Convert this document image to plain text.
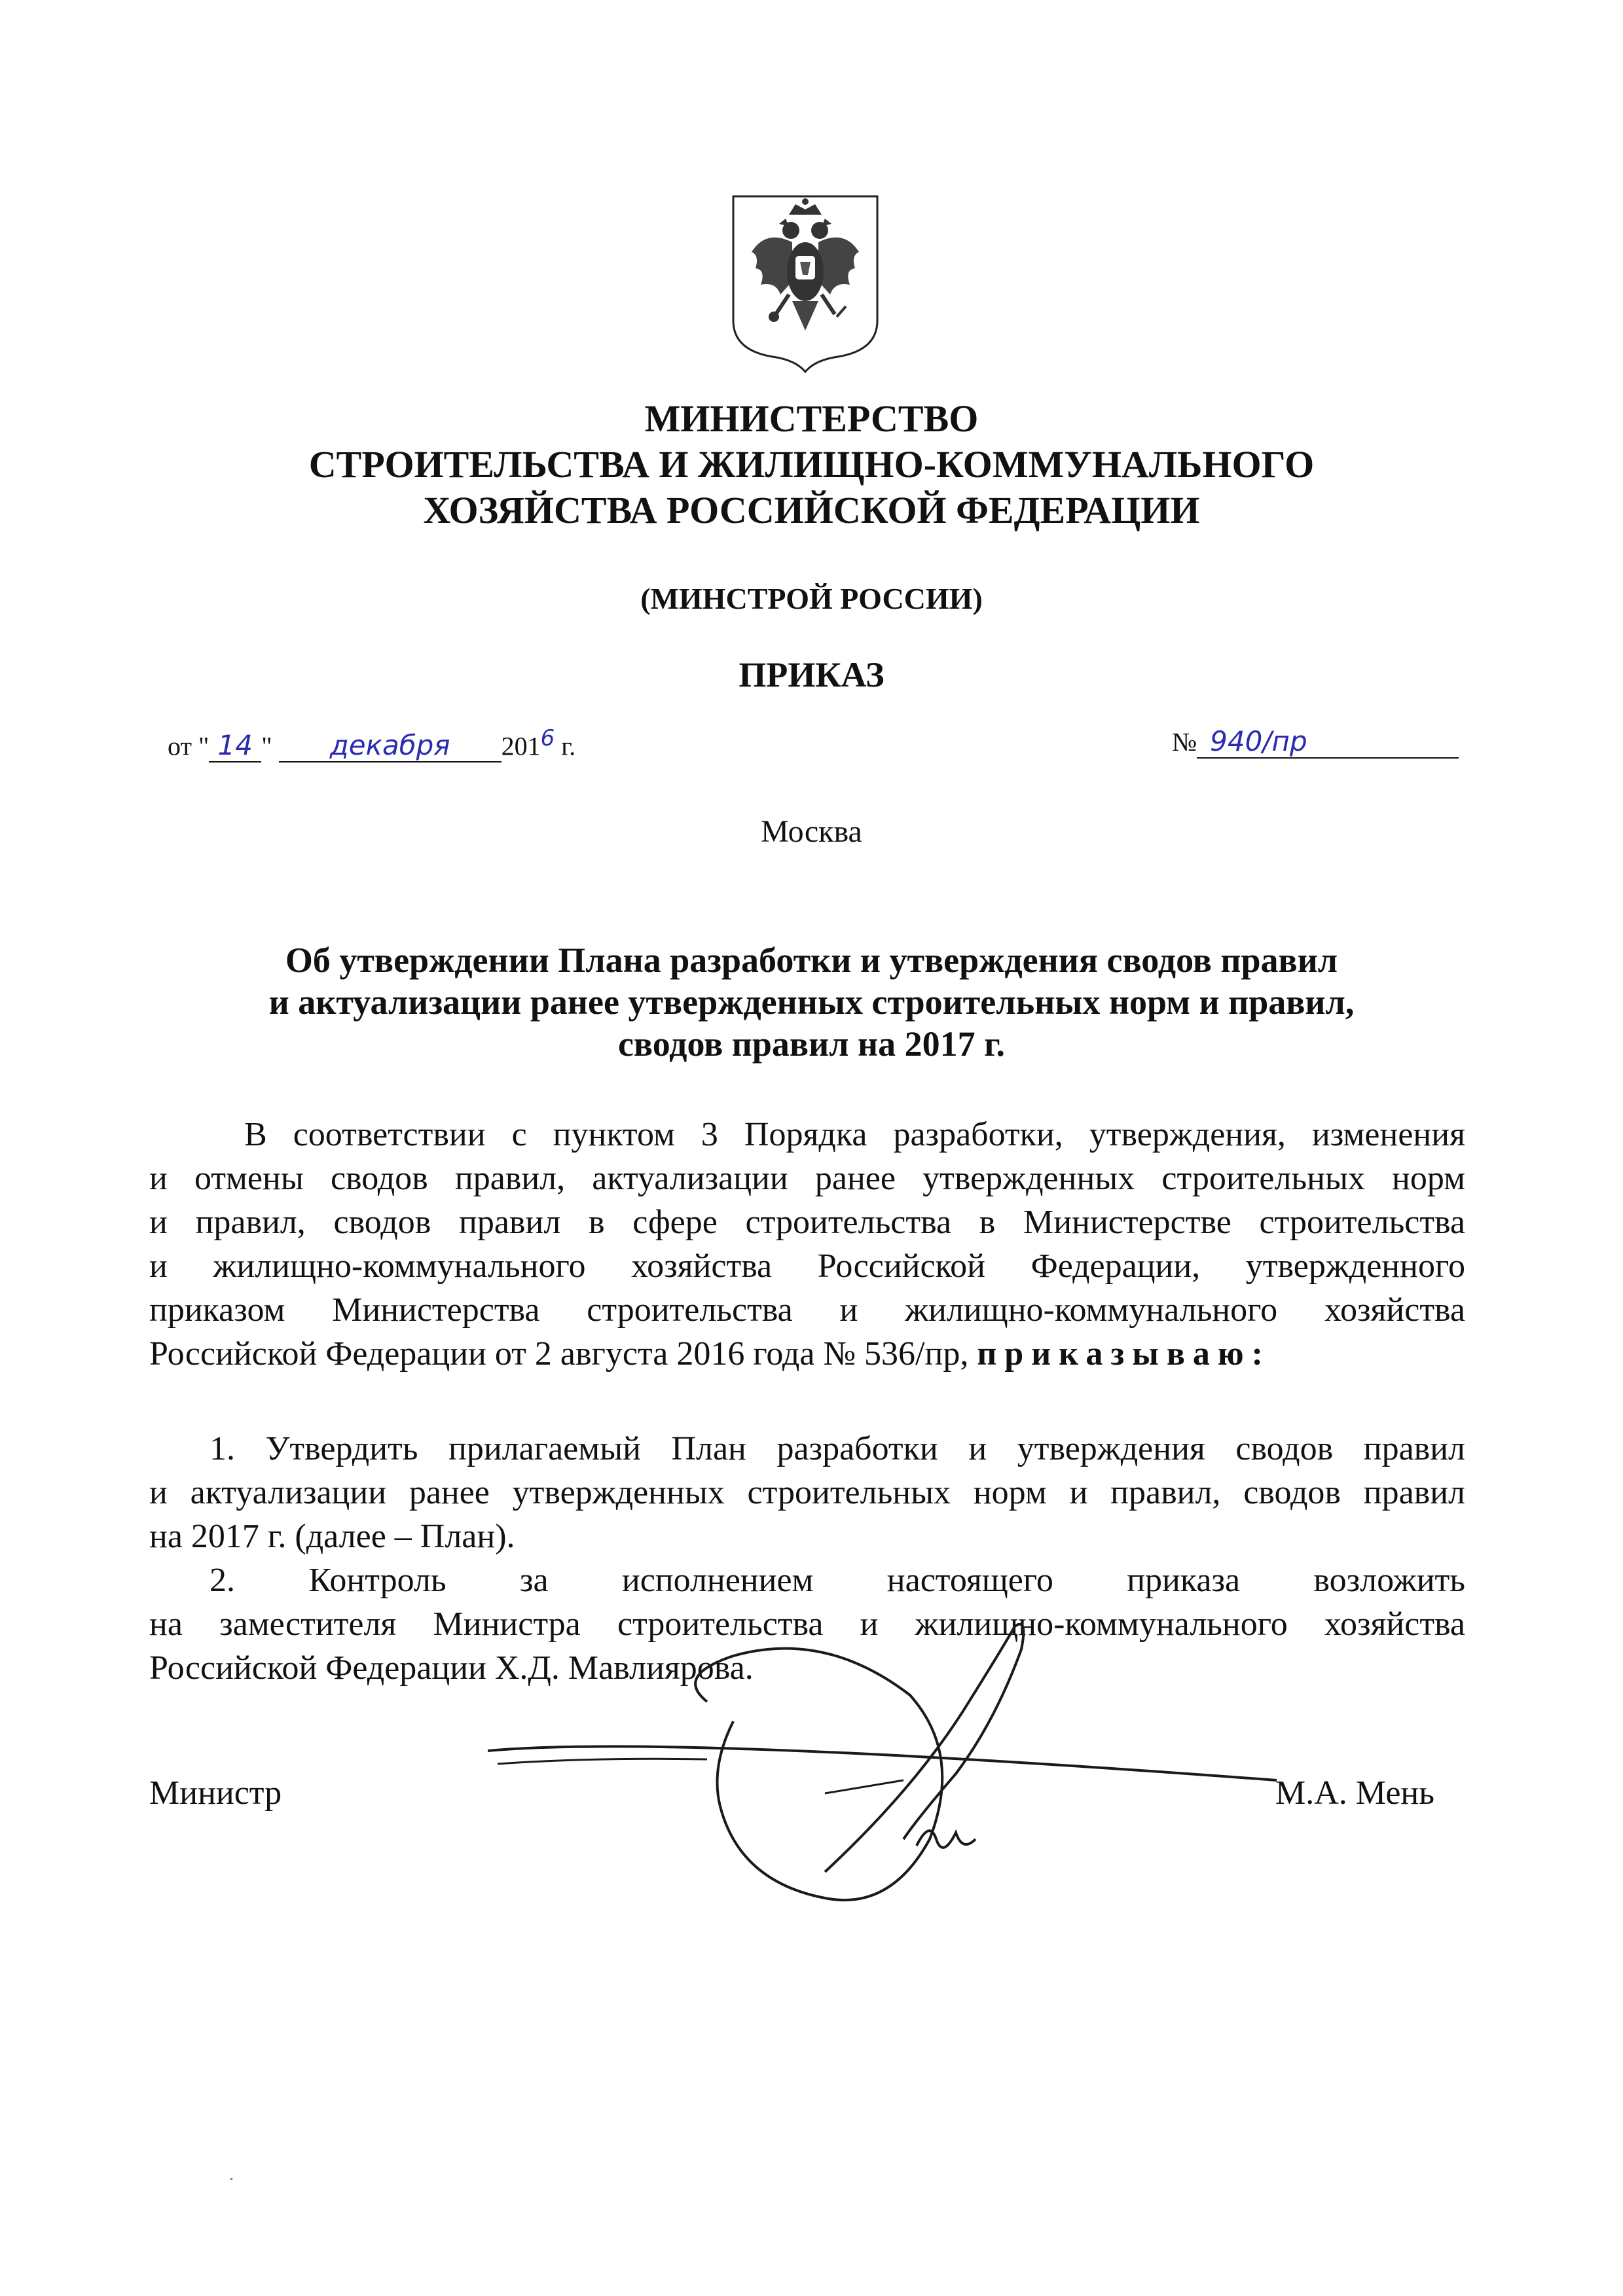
МИНИСТЕРСТВО
СТРОИТЕЛЬСТВА И ЖИЛИЩНО-КОММУНАЛЬНОГО
ХОЗЯЙСТВА РОССИЙСКОЙ ФЕДЕРАЦИИ
(МИНСТРОЙ РОССИИ)
ПРИКАЗ
от " 14 " декабря $201^6$ г.	№ 940/пр
Москва
Об утверждении Плана разработки и утверждения сводов правил
и актуализации ранее утвержденных строительных норм и правил,
сводов правил на 2017 г.
В соответствии с пунктом 3 Порядка разработки, утверждения, изменения
и отмены сводов правил, актуализации ранее утвержденных строительных норм
и правил, сводов правил в сфере строительства в Министерстве строительства
и жилищно-коммунального хозяйства Российской Федерации, утвержденного
приказом Министерства строительства и жилищно-коммунального хозяйства
Российской Федерации от 2 августа 2016 года № 536/пр, приказываю:
1. Утвердить прилагаемый План разработки и утверждения сводов правил
и актуализации ранее утвержденных строительных норм и правил, сводов правил
на 2017 г. (далее – План).
2. Контроль за исполнением настоящего приказа возложить
на заместителя Министра строительства и жилищно-коммунального хозяйства
Российской Федерации Х.Д. Мавлиярова.
Министр	М.А. Мень
